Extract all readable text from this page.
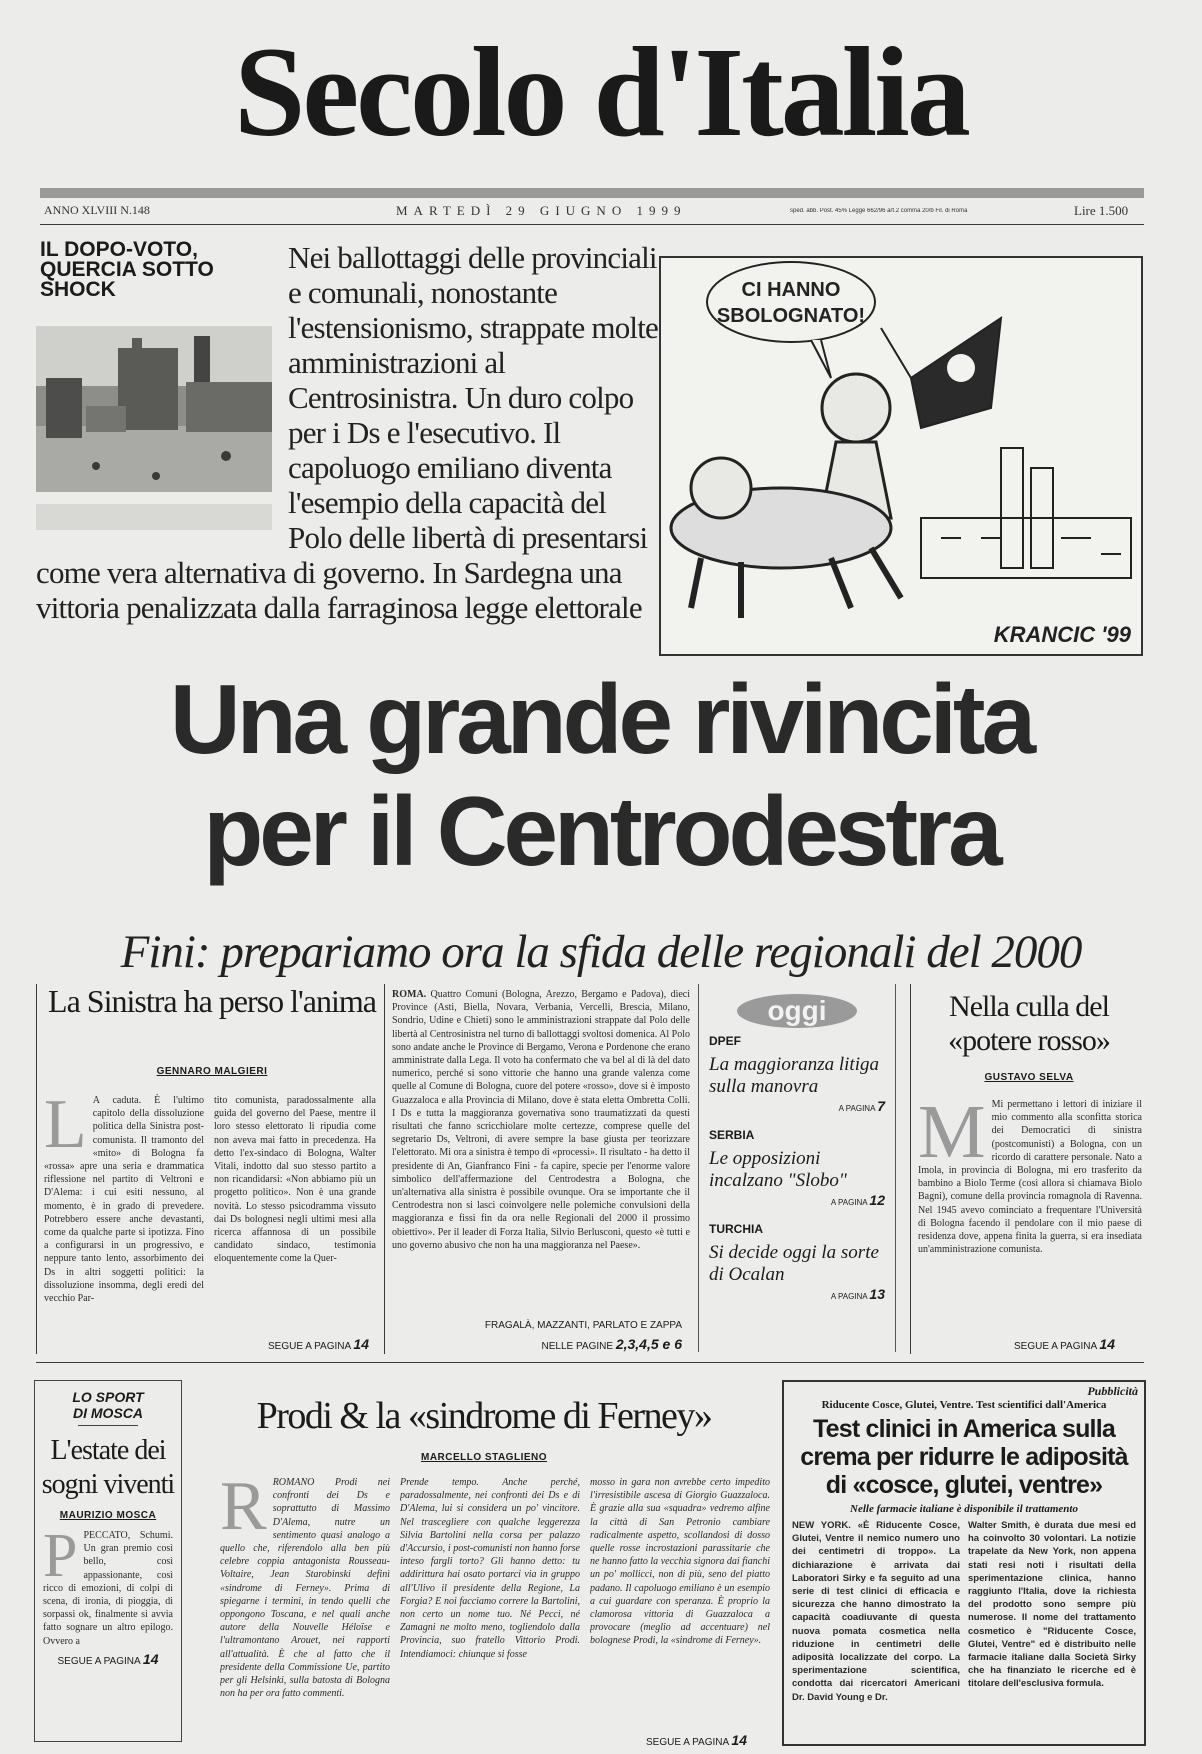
Secolo d'Italia
ANNO XLVIII N.148	MARTEDÌ 29 GIUGNO 1999	sped. abb. Post. 45% Legge 662/96 art.2 comma 20/b Fil. di Roma	Lire 1.500
IL DOPO-VOTO, QUERCIA SOTTO SHOCK
Nei ballottaggi delle provinciali e comunali, nonostante l'estensionismo, strappate molte amministrazioni al Centrosinistra. Un duro colpo per i Ds e l'esecutivo. Il capoluogo emiliano diventa l'esempio della capacità del Polo delle libertà di presentarsi come vera alternativa di governo. In Sardegna una vittoria penalizzata dalla farraginosa legge elettorale
CI HANNO
SBOLOGNATO!
KRANCIC '99
Una grande rivincita
per il Centrodestra
Fini: prepariamo ora la sfida delle regionali del 2000
La Sinistra ha perso l'anima
GENNARO MALGIERI
L A caduta. È l'ultimo capitolo della dissoluzione politica della Sinistra post-comunista. Il tramonto del «mito» di Bologna fa «rossa» apre una seria e drammatica riflessione nel partito di Veltroni e D'Alema: i cui esiti nessuno, al momento, è in grado di prevedere. Potrebbero essere anche devastanti, come da qualche parte si ipotizza. Fino a configurarsi in un progressivo, e neppure tanto lento, assorbimento dei Ds in altri soggetti politici: la dissoluzione insomma, degli eredi del vecchio Par-
tito comunista, paradossalmente alla guida del governo del Paese, mentre il loro stesso elettorato li ripudia come non aveva mai fatto in precedenza. Ha detto l'ex-sindaco di Bologna, Walter Vitali, indotto dal suo stesso partito a non ricandidarsi: «Non abbiamo più un progetto politico». Non è una grande novità. Lo stesso psicodramma vissuto dai Ds bolognesi negli ultimi mesi alla ricerca affannosa di un possibile candidato sindaco, testimonia eloquentemente come la Quer-
SEGUE A PAGINA 14
ROMA. Quattro Comuni (Bologna, Arezzo, Bergamo e Padova), dieci Province (Asti, Biella, Novara, Verbania, Vercelli, Brescia, Milano, Sondrio, Udine e Chieti) sono le amministrazioni strappate dal Polo delle libertà al Centrosinistra nel turno di ballottaggi svoltosi domenica. Al Polo sono andate anche le Province di Bergamo, Verona e Pordenone che erano amministrate dalla Lega. Il voto ha confermato che va bel al di là del dato numerico, perché si sono vittorie che hanno una grande valenza come quelle al Comune di Bologna, cuore del potere «rosso», dove si è imposto Guazzaloca e alla Provincia di Milano, dove è stata eletta Ombretta Colli. I Ds e tutta la maggioranza governativa sono traumatizzati da questi risultati che fanno scricchiolare molte certezze, comprese quelle del segretario Ds, Veltroni, di avere sempre la base giusta per teorizzare l'elettorato. Mi ora a sinistra è tempo di «processi». Il risultato - ha detto il presidente di An, Gianfranco Fini - fa capire, specie per l'enorme valore simbolico dell'affermazione del Centrodestra a Bologna, che un'alternativa alla sinistra è possibile ovunque. Ora se importante che il Centrodestra non si lasci coinvolgere nelle polemiche convulsioni della maggioranza e fissi fin da ora nelle Regionali del 2000 il prossimo obiettivo». Per il leader di Forza Italia, Silvio Berlusconi, questo «è tutti e uno governo abusivo che non ha una maggioranza nel Paese».
FRAGALÀ, MAZZANTI, PARLATO E ZAPPA
NELLE PAGINE 2,3,4,5 e 6
oggi
DPEF
La maggioranza litiga sulla manovra
A PAGINA 7
SERBIA
Le opposizioni incalzano "Slobo"
A PAGINA 12
TURCHIA
Si decide oggi la sorte di Ocalan
A PAGINA 13
Nella culla del «potere rosso»
GUSTAVO SELVA
M Mi permettano i lettori di iniziare il mio commento alla sconfitta storica dei Democratici di sinistra (postcomunisti) a Bologna, con un ricordo di carattere personale. Nato a Imola, in provincia di Bologna, mi ero trasferito da bambino a Biolo Terme (così allora si chiamava Biolo Bagni), comune della provincia romagnola di Ravenna. Nel 1945 avevo cominciato a frequentare l'Università di Bologna facendo il pendolare con il mio paese di residenza dove, appena finita la guerra, si era insediata un'amministrazione comunista.
SEGUE A PAGINA 14
LO SPORT
DI MOSCA
L'estate dei sogni viventi
MAURIZIO MOSCA
PPECCATO, Schumi. Un gran premio così bello, così appassionante, così ricco di emozioni, di colpi di scena, di ironia, di pioggia, di sorpassi ok, finalmente si avvia fatto sognare un altro epilogo. Ovvero a
SEGUE A PAGINA 14
Prodi & la «sindrome di Ferney»
MARCELLO STAGLIENO
RROMANO Prodi nei confronti dei Ds e soprattutto di Massimo D'Alema, nutre un sentimento quasi analogo a quello che, riferendolo alla ben più celebre coppia antagonista Rousseau-Voltaire, Jean Starobinski definì «sindrome di Ferney». Prima di spiegarne i termini, in tendo quelli che oppongono Toscana, e nel quali anche autore della Nouvelle Héloïse e l'ultramontano Arouet, nei rapporti all'attualità. È che al fatto che il presidente della Commissione Ue, partito per gli Helsinki, sulla batosta di Bologna non ha per ora fatto commenti.
Prende tempo. Anche perché, paradossalmente, nei confronti dei Ds e di D'Alema, lui si considera un po' vincitore. Nel trascegliere con qualche leggerezza Silvia Bartolini nella corsa per palazzo d'Accursio, i post-comunisti non hanno forse inteso fargli torto? Gli hanno detto: tu addirittura hai osato portarci via in gruppo all'Ulivo il presidente della Regione, La Forgia? E noi facciamo correre la Bartolini, non certo un nome tuo. Né Pecci, né Zamagni ne molto meno, togliendolo dalla Provincia, suo fratello Vittorio Prodi. Intendiamoci: chiunque si fosse
mosso in gara non avrebbe certo impedito l'irresistibile ascesa di Giorgio Guazzaloca. È grazie alla sua «squadra» vedremo alfine la città di San Petronio cambiare radicalmente aspetto, scollandosi di dosso quelle rosse incrostazioni parassitarie che ne hanno fatto la vecchia signora dai fianchi un po' mollicci, non di più, seno del piatto padano. Il capoluogo emiliano è un esempio a cui guardare con speranza. È proprio la clamorosa vittoria di Guazzaloca a provocare (meglio ad accentuare) nel bolognese Prodi, la «sindrome di Ferney».
SEGUE A PAGINA 14
Pubblicità
Riducente Cosce, Glutei, Ventre. Test scientifici dall'America
Test clinici in America sulla crema per ridurre le adiposità di «cosce, glutei, ventre»
Nelle farmacie italiane è disponibile il trattamento
NEW YORK. «È Riducente Cosce, Glutei, Ventre il nemico numero uno dei centimetri di troppo». La dichiarazione è arrivata dai Laboratori Sirky e fa seguito ad una serie di test clinici di efficacia e sicurezza che hanno dimostrato la capacità coadiuvante di questa nuova pomata cosmetica nella riduzione in centimetri delle adiposità localizzate del corpo. La sperimentazione scientifica, condotta dai ricercatori Americani Dr. David Young e Dr.
Walter Smith, è durata due mesi ed ha coinvolto 30 volontari. La notizie trapelate da New York, non appena stati resi noti i risultati della sperimentazione clinica, hanno raggiunto l'Italia, dove la richiesta del prodotto sono sempre più numerose. Il nome del trattamento cosmetico è "Riducente Cosce, Glutei, Ventre" ed è distribuito nelle farmacie italiane dalla Società Sirky che ha finanziato le ricerche ed è titolare dell'esclusiva formula.
